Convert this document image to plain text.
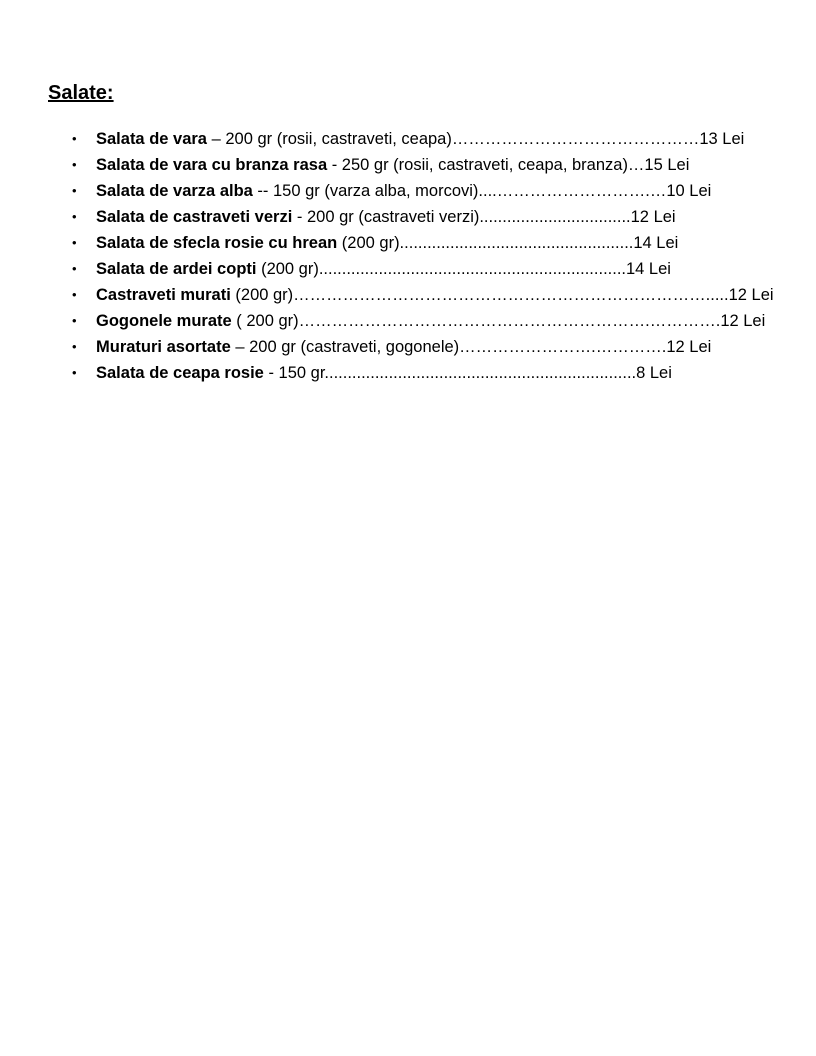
Salate:
• Salata de vara – 200 gr (rosii, castraveti, ceapa)………………………………………13 Lei
• Salata de vara cu branza rasa - 250 gr (rosii, castraveti, ceapa, branza)…15 Lei
• Salata de varza alba -- 150 gr (varza alba, morcovi)....……………………….…10 Lei
• Salata de castraveti verzi - 200 gr (castraveti verzi).................................12 Lei
• Salata de sfecla rosie cu hrean (200 gr)...................................................14 Lei
• Salata de ardei copti (200 gr)...................................................................14 Lei
• Castraveti murati (200 gr)………………………………………………………………….....12 Lei
• Gogonele murate ( 200 gr)……………………………………………………….………….12 Lei
• Muraturi asortate – 200 gr (castraveti, gogonele)…………………….………….12 Lei
• Salata de ceapa rosie - 150 gr....................................................................8 Lei
